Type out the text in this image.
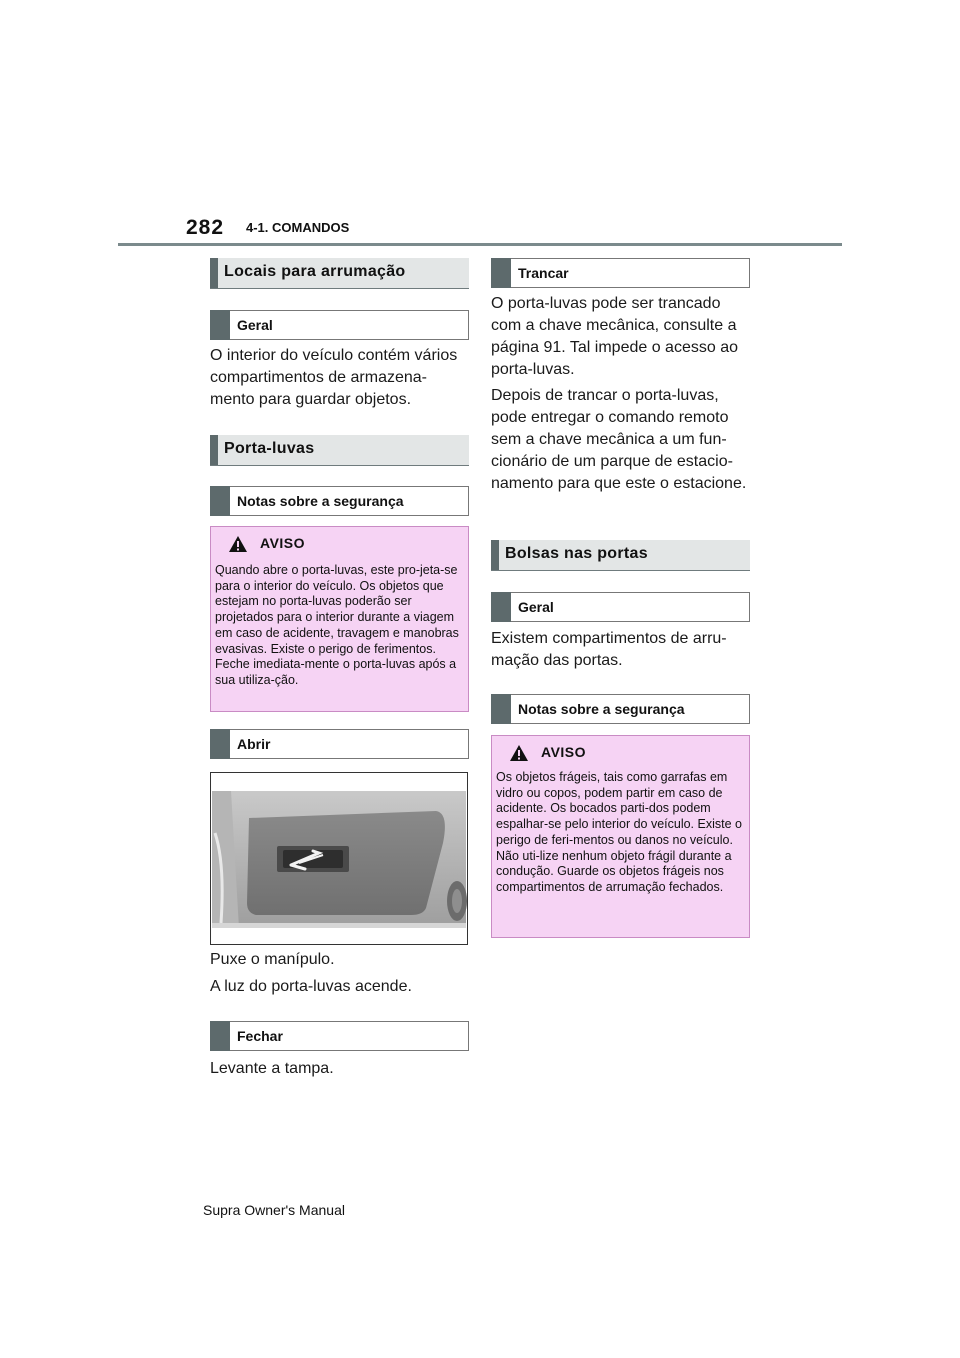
282 4-1. COMANDOS
Locais para arrumação
Geral
O interior do veículo contém vários compartimentos de armazena-mento para guardar objetos.
Porta-luvas
Notas sobre a segurança
AVISO
Quando abre o porta-luvas, este pro-jeta-se para o interior do veículo. Os objetos que estejam no porta-luvas poderão ser projetados para o interior durante a viagem em caso de acidente, travagem e manobras evasivas. Existe o perigo de ferimentos. Feche imediata-mente o porta-luvas após a sua utiliza-ção.
Abrir
Puxe o manípulo.
A luz do porta-luvas acende.
Fechar
Levante a tampa.
Trancar
O porta-luvas pode ser trancado com a chave mecânica, consulte a página 91. Tal impede o acesso ao porta-luvas.
Depois de trancar o porta-luvas, pode entregar o comando remoto sem a chave mecânica a um fun-cionário de um parque de estacio-namento para que este o estacione.
Bolsas nas portas
Geral
Existem compartimentos de arru-mação das portas.
Notas sobre a segurança
AVISO
Os objetos frágeis, tais como garrafas em vidro ou copos, podem partir em caso de acidente. Os bocados parti-dos podem espalhar-se pelo interior do veículo. Existe o perigo de feri-mentos ou danos no veículo. Não uti-lize nenhum objeto frágil durante a condução. Guarde os objetos frágeis nos compartimentos de arrumação fechados.
Supra Owner's Manual
